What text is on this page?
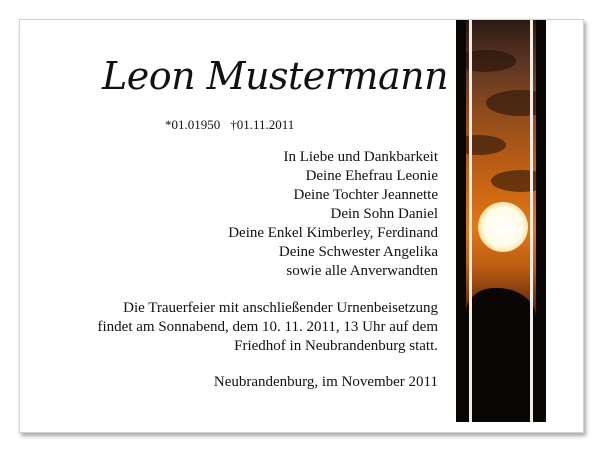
Leon Mustermann
*01.01950 †01.11.2011
In Liebe und Dankbarkeit
Deine Ehefrau Leonie
Deine Tochter Jeannette
Dein Sohn Daniel
Deine Enkel Kimberley, Ferdinand
Deine Schwester Angelika
sowie alle Anverwandten
Die Trauerfeier mit anschließender Urnenbeisetzung
findet am Sonnabend, dem 10. 11. 2011, 13 Uhr auf dem
Friedhof in Neubrandenburg statt.
Neubrandenburg, im November 2011
